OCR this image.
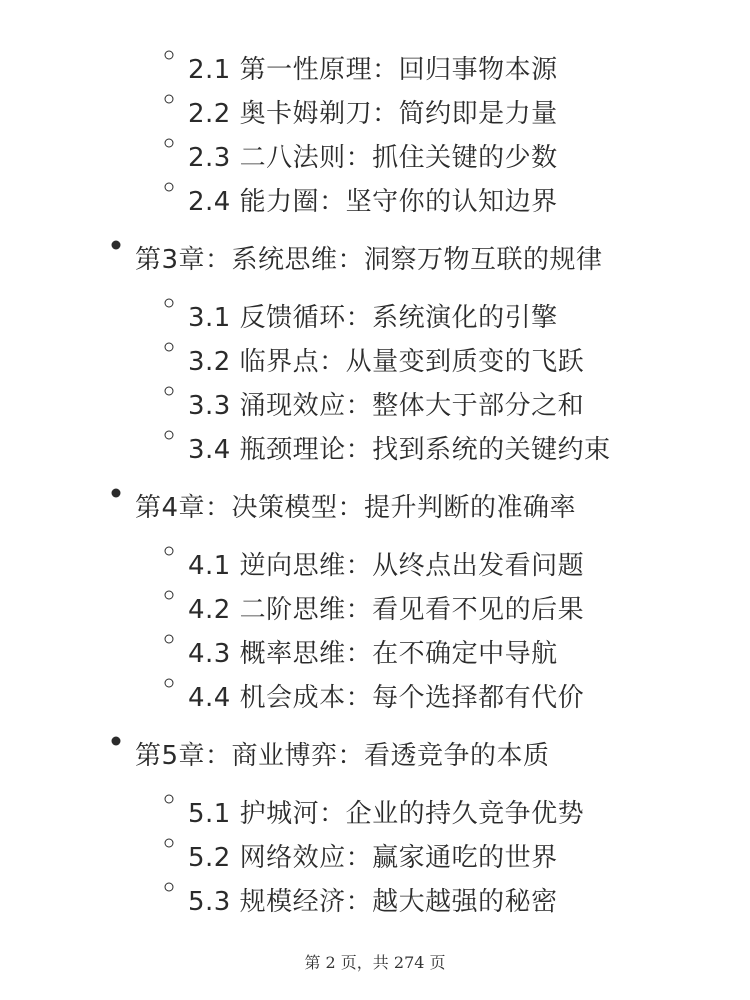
2.1 第一性原理：回归事物本源
2.2 奥卡姆剃刀：简约即是力量
2.3 二八法则：抓住关键的少数
2.4 能力圈：坚守你的认知边界
第3章：系统思维：洞察万物互联的规律
3.1 反馈循环：系统演化的引擎
3.2 临界点：从量变到质变的飞跃
3.3 涌现效应：整体大于部分之和
3.4 瓶颈理论：找到系统的关键约束
第4章：决策模型：提升判断的准确率
4.1 逆向思维：从终点出发看问题
4.2 二阶思维：看见看不见的后果
4.3 概率思维：在不确定中导航
4.4 机会成本：每个选择都有代价
第5章：商业博弈：看透竞争的本质
5.1 护城河：企业的持久竞争优势
5.2 网络效应：赢家通吃的世界
5.3 规模经济：越大越强的秘密
第 2 页，共 274 页
